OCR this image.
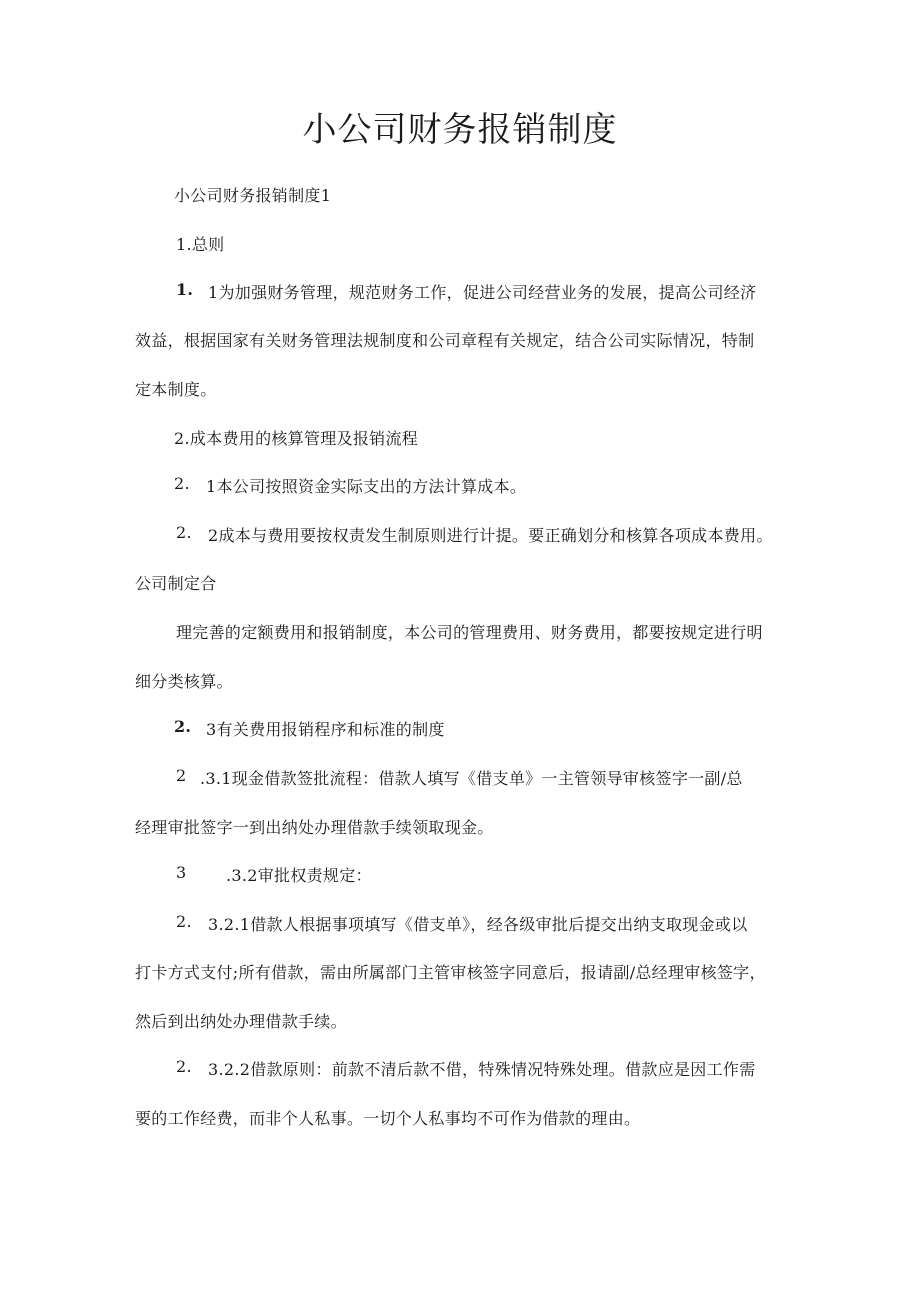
小公司财务报销制度

小公司财务报销制度1

1.总则

1. 1为加强财务管理，规范财务工作，促进公司经营业务的发展，提高公司经济

效益，根据国家有关财务管理法规制度和公司章程有关规定，结合公司实际情况，特制

定本制度。

2.成本费用的核算管理及报销流程

2. 1本公司按照资金实际支出的方法计算成本。

2. 2成本与费用要按权责发生制原则进行计提。要正确划分和核算各项成本费用。

公司制定合

理完善的定额费用和报销制度，本公司的管理费用、财务费用，都要按规定进行明

细分类核算。

2. 3有关费用报销程序和标准的制度

2 .3.1现金借款签批流程：借款人填写《借支单》一主管领导审核签字一副/总

经理审批签字一到出纳处办理借款手续领取现金。

3 .3.2审批权责规定：

2. 3.2.1借款人根据事项填写《借支单》，经各级审批后提交出纳支取现金或以

打卡方式支付;所有借款，需由所属部门主管审核签字同意后，报请副/总经理审核签字，

然后到出纳处办理借款手续。

2. 3.2.2借款原则：前款不清后款不借，特殊情况特殊处理。借款应是因工作需

要的工作经费，而非个人私事。一切个人私事均不可作为借款的理由。
